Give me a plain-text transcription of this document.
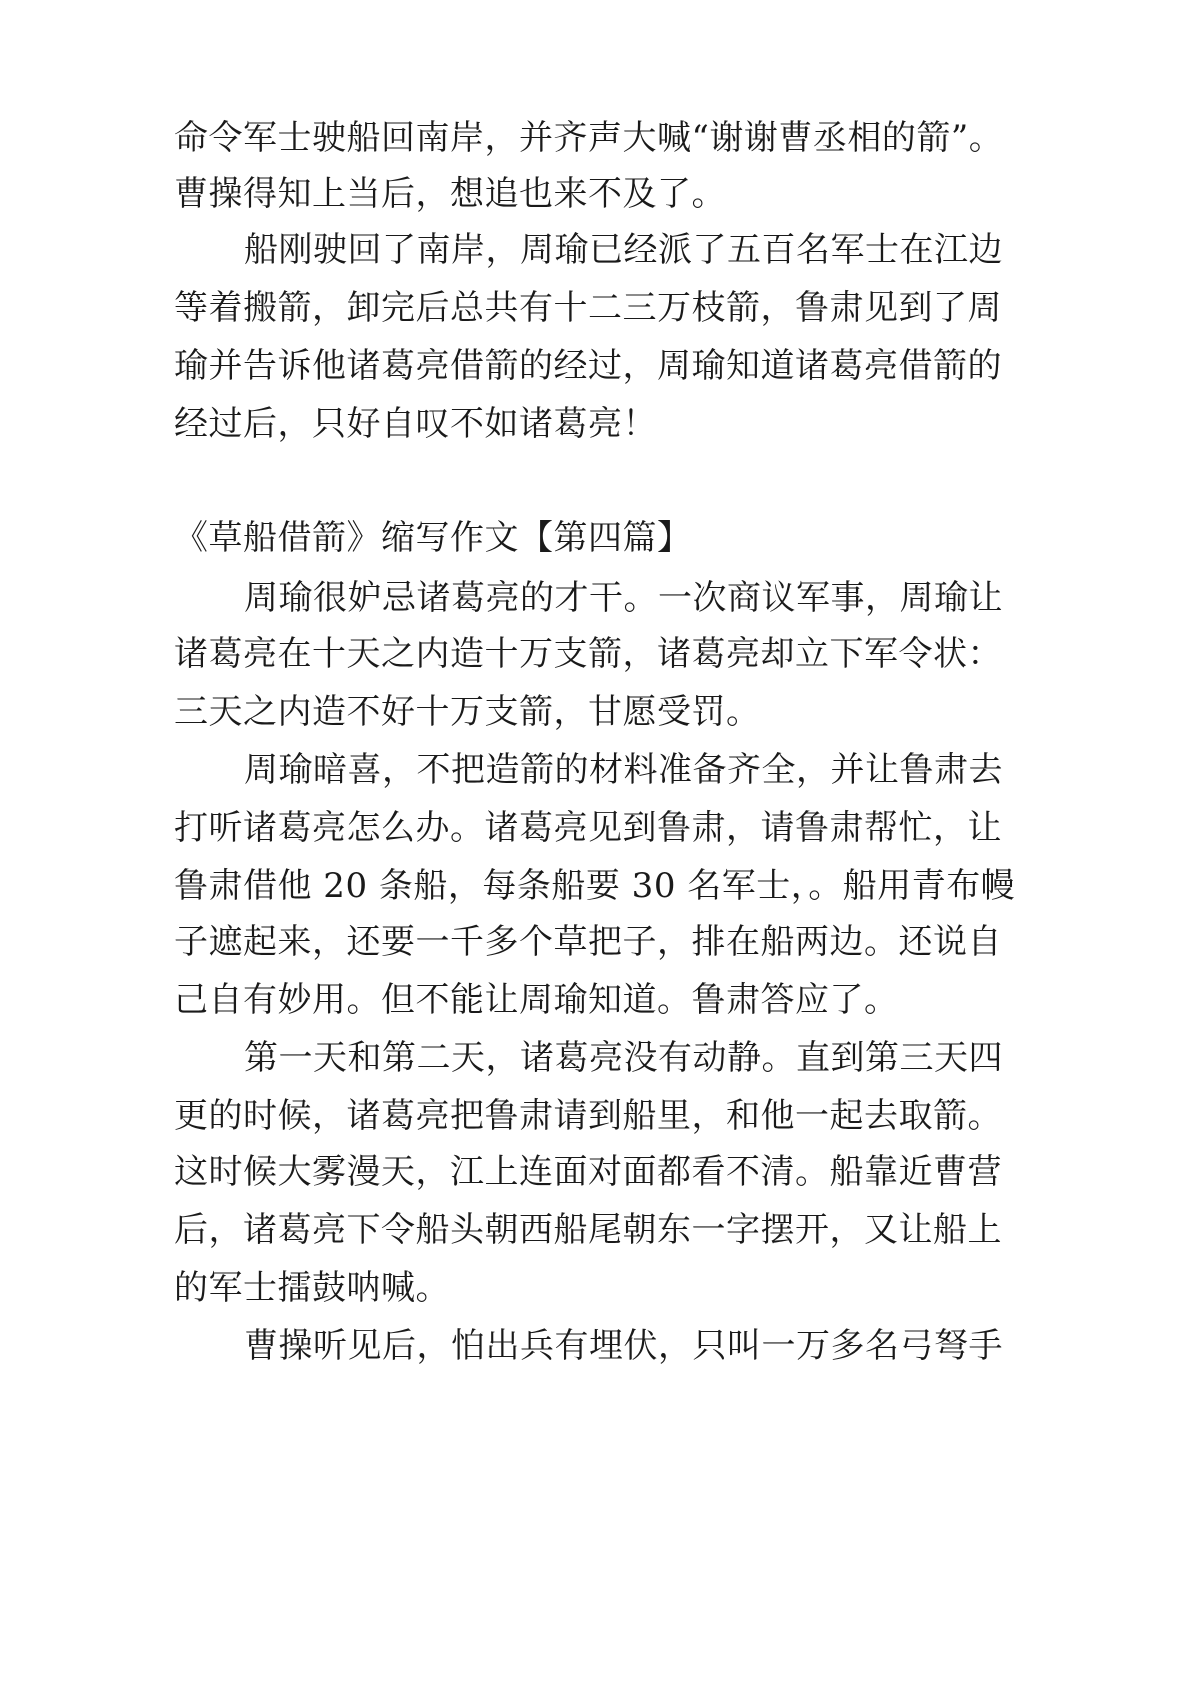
命令军士驶船回南岸，并齐声大喊“谢谢曹丞相的箭”。

曹操得知上当后，想追也来不及了。

船刚驶回了南岸，周瑜已经派了五百名军士在江边

等着搬箭，卸完后总共有十二三万枝箭，鲁肃见到了周

瑜并告诉他诸葛亮借箭的经过，周瑜知道诸葛亮借箭的

经过后，只好自叹不如诸葛亮！

《草船借箭》缩写作文【第四篇】

周瑜很妒忌诸葛亮的才干。一次商议军事，周瑜让

诸葛亮在十天之内造十万支箭，诸葛亮却立下军令状：

三天之内造不好十万支箭，甘愿受罚。

周瑜暗喜，不把造箭的材料准备齐全，并让鲁肃去

打听诸葛亮怎么办。诸葛亮见到鲁肃，请鲁肃帮忙，让

鲁肃借他 20 条船，每条船要 30 名军士，。船用青布幔

子遮起来，还要一千多个草把子，排在船两边。还说自

己自有妙用。但不能让周瑜知道。鲁肃答应了。

第一天和第二天，诸葛亮没有动静。直到第三天四

更的时候，诸葛亮把鲁肃请到船里，和他一起去取箭。

这时候大雾漫天，江上连面对面都看不清。船靠近曹营

后，诸葛亮下令船头朝西船尾朝东一字摆开，又让船上

的军士擂鼓呐喊。

曹操听见后，怕出兵有埋伏，只叫一万多名弓弩手
